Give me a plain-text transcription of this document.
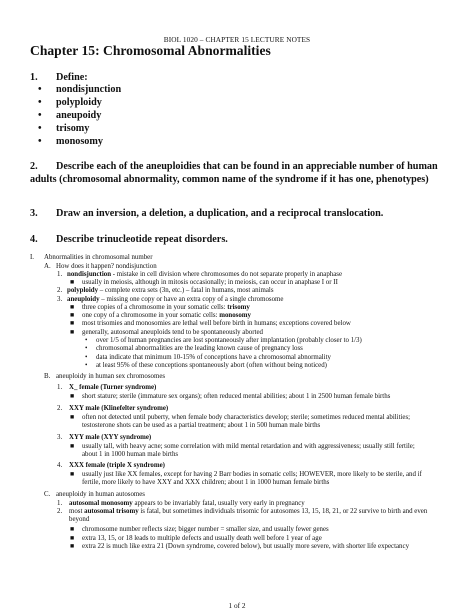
BIOL 1020 – CHAPTER 15 LECTURE NOTES
Chapter 15: Chromosomal Abnormalities
1.	Define:
• nondisjunction
• polyploidy
• aneupoidy
• trisomy
• monosomy
2.	Describe each of the aneuploidies that can be found in an appreciable number of human adults (chromosomal abnormality, common name of the syndrome if it has one, phenotypes)
3.	Draw an inversion, a deletion, a duplication, and a reciprocal translocation.
4.	Describe trinucleotide repeat disorders.
I.	Abnormalities in chromosomal number
A. How does it happen? nondisjunction
1. nondisjunction - mistake in cell division where chromosomes do not separate properly in anaphase
■	usually in meiosis, although in mitosis occasionally; in meiosis, can occur in anaphase I or II
2. polyploidy – complete extra sets (3n, etc.) – fatal in humans, most animals
3. aneuploidy – missing one copy or have an extra copy of a single chromosome
■	three copies of a chromosome in your somatic cells: trisomy
■	one copy of a chromosome in your somatic cells: monosomy
■	most trisomies and monosomies are lethal well before birth in humans; exceptions covered below
■	generally, autosomal aneuploids tend to be spontaneously aborted
•	over 1/5 of human pregnancies are lost spontaneously after implantation (probably closer to 1/3)
•	chromosomal abnormalities are the leading known cause of pregnancy loss
•	data indicate that minimum 10-15% of conceptions have a chromosomal abnormality
•	at least 95% of these conceptions spontaneously abort (often without being noticed)
B. aneuploidy in human sex chromosomes
1. X_ female (Turner syndrome)
■	short stature; sterile (immature sex organs); often reduced mental abilities; about 1 in 2500 human female births
2. XXY male (Klinefelter syndrome)
■	often not detected until puberty, when female body characteristics develop; sterile; sometimes reduced mental abilities; testosterone shots can be used as a partial treatment; about 1 in 500 human male births
3. XYY male (XYY syndrome)
■	usually tall, with heavy acne; some correlation with mild mental retardation and with aggressiveness; usually still fertile; about 1 in 1000 human male births
4. XXX female (triple X syndrome)
■	usually just like XX females, except for having 2 Barr bodies in somatic cells; HOWEVER, more likely to be sterile, and if fertile, more likely to have XXY and XXX children; about 1 in 1000 human female births
C. aneuploidy in human autosomes
1. autosomal monosomy appears to be invariably fatal, usually very early in pregnancy
2. most autosomal trisomy is fatal, but sometimes individuals trisomic for autosomes 13, 15, 18, 21, or 22 survive to birth and even beyond
■	chromosome number reflects size; bigger number = smaller size, and usually fewer genes
■	extra 13, 15, or 18 leads to multiple defects and usually death well before 1 year of age
■	extra 22 is much like extra 21 (Down syndrome, covered below), but usually more severe, with shorter life expectancy
1 of 2
